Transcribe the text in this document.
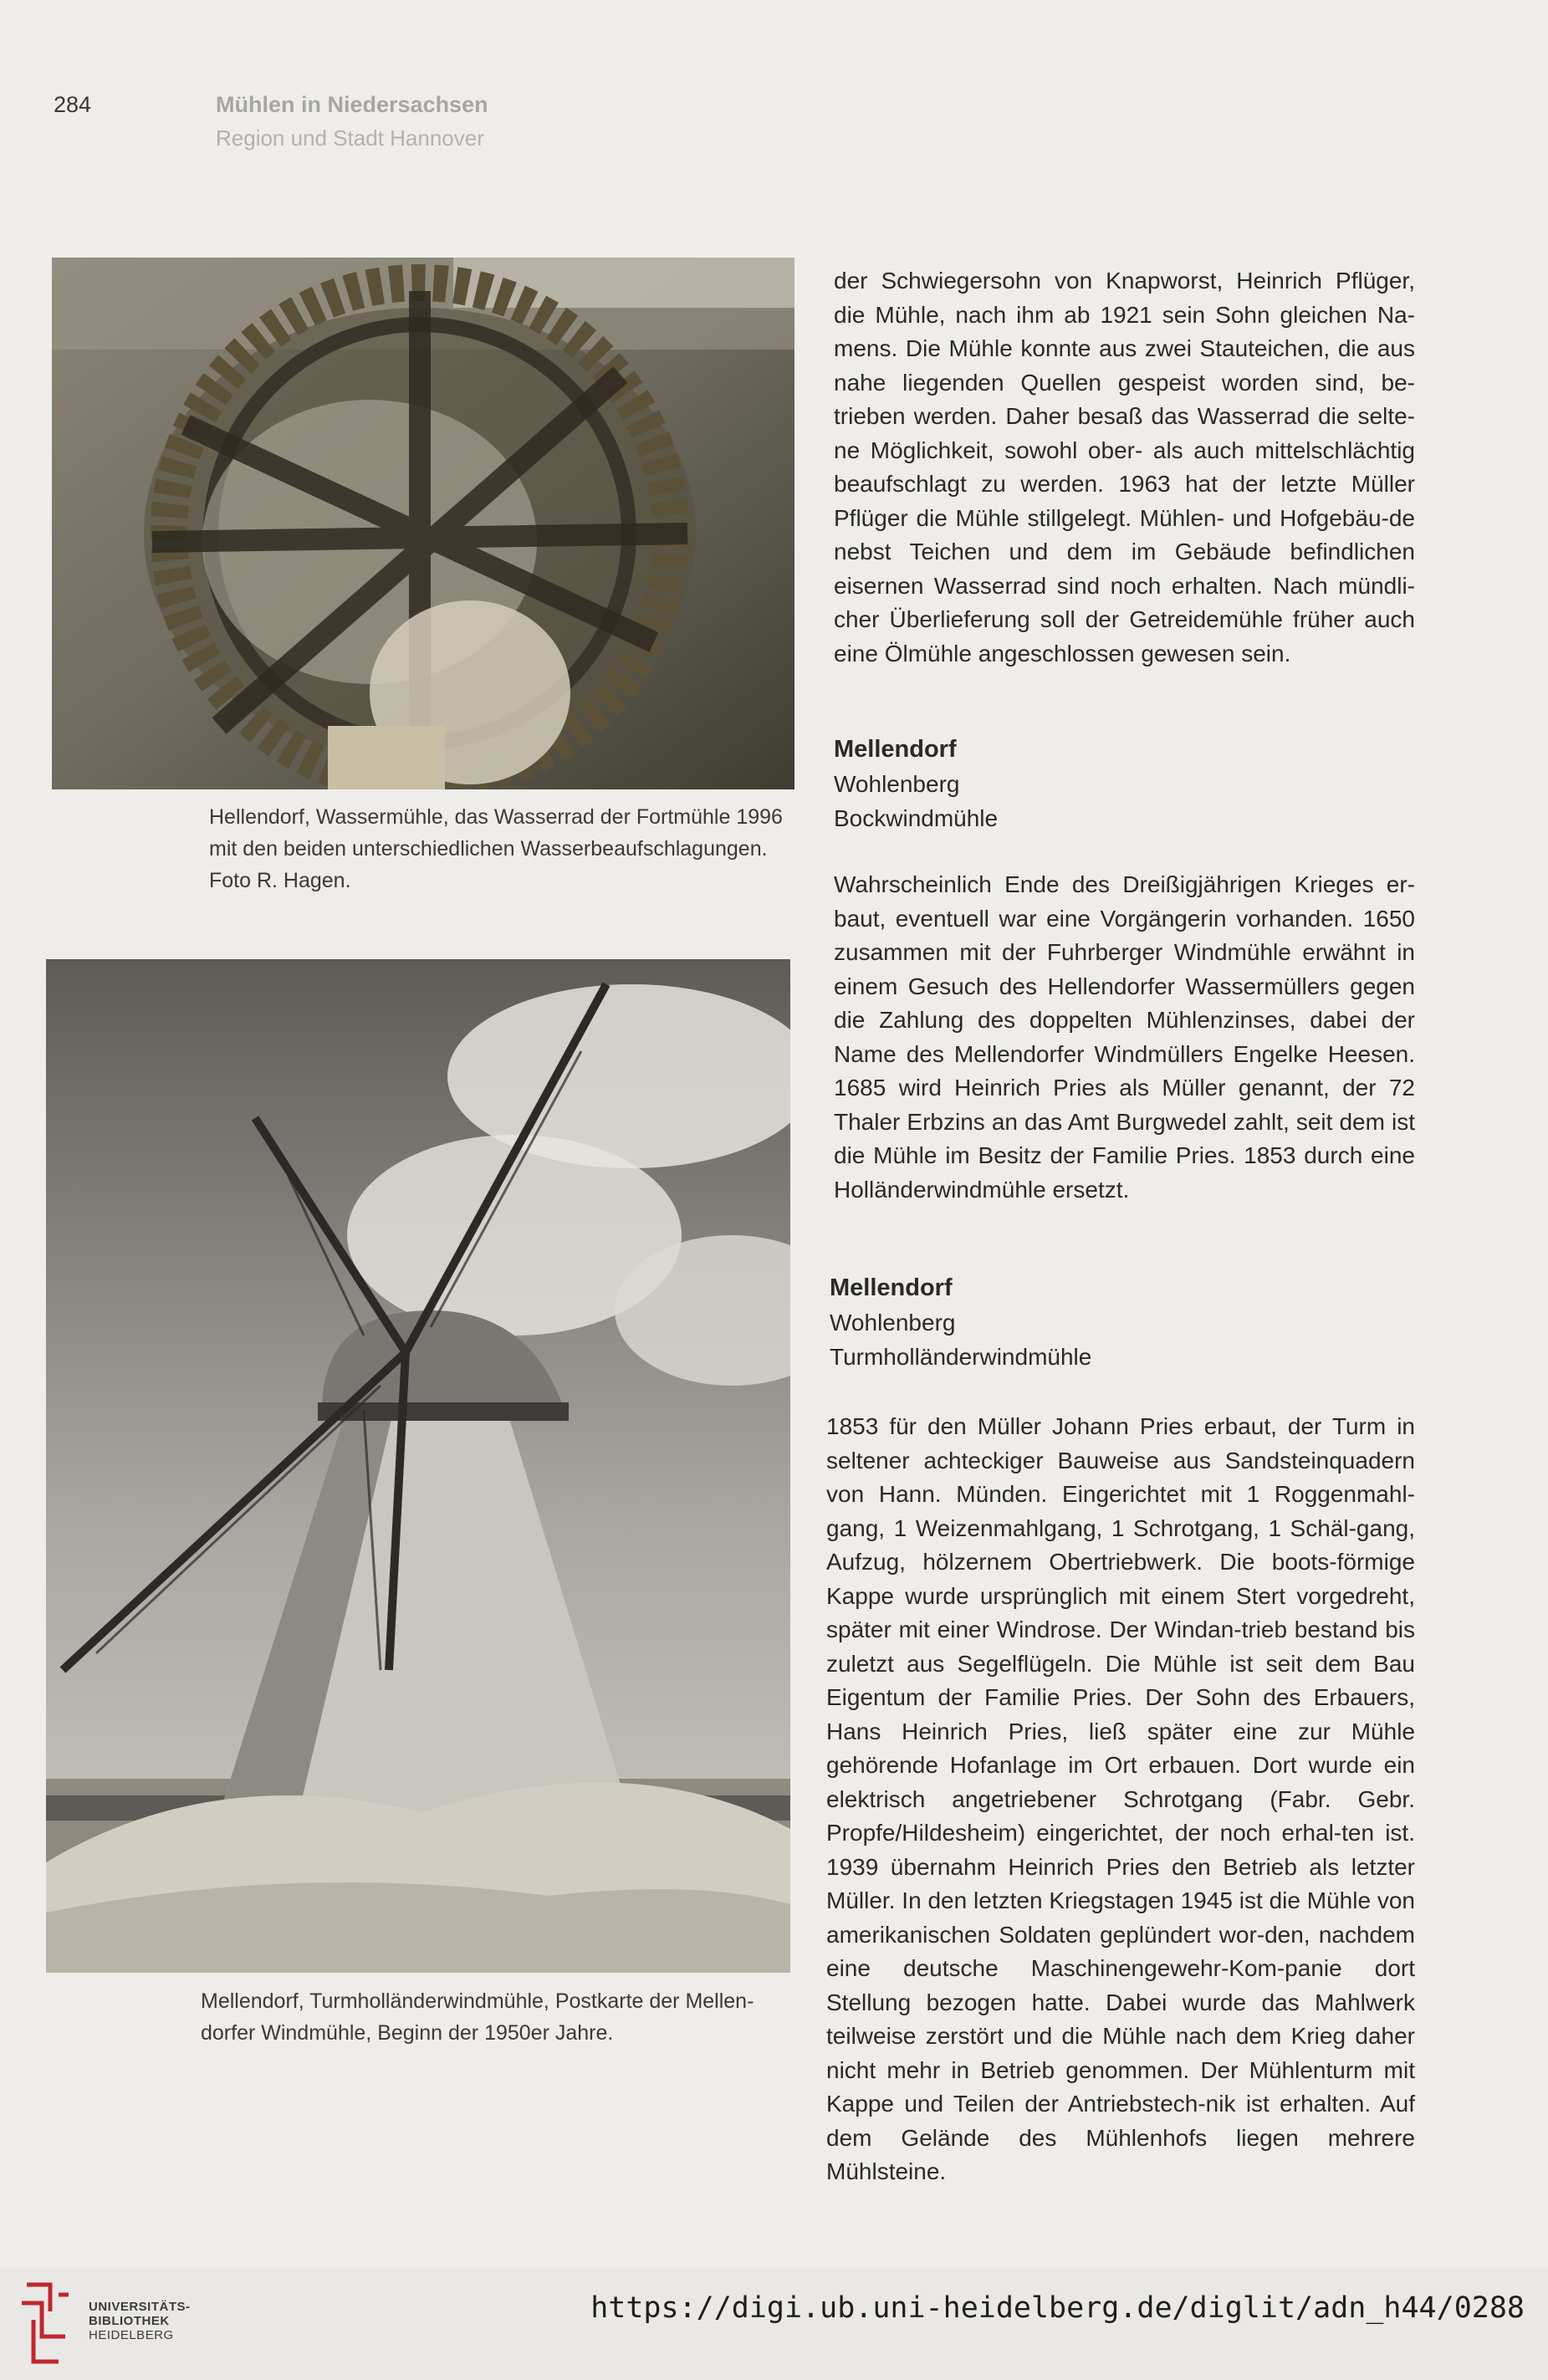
284	Mühlen in Niedersachsen
Region und Stadt Hannover
Hellendorf, Wassermühle, das Wasserrad der Fortmühle 1996
mit den beiden unterschiedlichen Wasserbeaufschlagungen.
Foto R. Hagen.
Mellendorf, Turmholländerwindmühle, Postkarte der Mellen-
dorfer Windmühle, Beginn der 1950er Jahre.
der Schwiegersohn von Knapworst, Heinrich Pflüger, die Mühle, nach ihm ab 1921 sein Sohn gleichen Na-mens. Die Mühle konnte aus zwei Stauteichen, die aus nahe liegenden Quellen gespeist worden sind, be-trieben werden. Daher besaß das Wasserrad die selte-ne Möglichkeit, sowohl ober- als auch mittelschlächtig beaufschlagt zu werden. 1963 hat der letzte Müller Pflüger die Mühle stillgelegt. Mühlen- und Hofgebäu-de nebst Teichen und dem im Gebäude befindlichen eisernen Wasserrad sind noch erhalten. Nach mündli-cher Überlieferung soll der Getreidemühle früher auch eine Ölmühle angeschlossen gewesen sein.
Mellendorf
Wohlenberg
Bockwindmühle
Wahrscheinlich Ende des Dreißigjährigen Krieges er-baut, eventuell war eine Vorgängerin vorhanden. 1650 zusammen mit der Fuhrberger Windmühle erwähnt in einem Gesuch des Hellendorfer Wassermüllers gegen die Zahlung des doppelten Mühlenzinses, dabei der Name des Mellendorfer Windmüllers Engelke Heesen. 1685 wird Heinrich Pries als Müller genannt, der 72 Thaler Erbzins an das Amt Burgwedel zahlt, seit dem ist die Mühle im Besitz der Familie Pries. 1853 durch eine Holländerwindmühle ersetzt.
Mellendorf
Wohlenberg
Turmholländerwindmühle
1853 für den Müller Johann Pries erbaut, der Turm in seltener achteckiger Bauweise aus Sandsteinquadern von Hann. Münden. Eingerichtet mit 1 Roggenmahl-gang, 1 Weizenmahlgang, 1 Schrotgang, 1 Schäl-gang, Aufzug, hölzernem Obertriebwerk. Die boots-förmige Kappe wurde ursprünglich mit einem Stert vorgedreht, später mit einer Windrose. Der Windan-trieb bestand bis zuletzt aus Segelflügeln. Die Mühle ist seit dem Bau Eigentum der Familie Pries. Der Sohn des Erbauers, Hans Heinrich Pries, ließ später eine zur Mühle gehörende Hofanlage im Ort erbauen. Dort wurde ein elektrisch angetriebener Schrotgang (Fabr. Gebr. Propfe/Hildesheim) eingerichtet, der noch erhal-ten ist. 1939 übernahm Heinrich Pries den Betrieb als letzter Müller. In den letzten Kriegstagen 1945 ist die Mühle von amerikanischen Soldaten geplündert wor-den, nachdem eine deutsche Maschinengewehr-Kom-panie dort Stellung bezogen hatte. Dabei wurde das Mahlwerk teilweise zerstört und die Mühle nach dem Krieg daher nicht mehr in Betrieb genommen. Der Mühlenturm mit Kappe und Teilen der Antriebstech-nik ist erhalten. Auf dem Gelände des Mühlenhofs liegen mehrere Mühlsteine.
UNIVERSITÄTS-
BIBLIOTHEK
HEIDELBERG
https://digi.ub.uni-heidelberg.de/diglit/adn_h44/0288
